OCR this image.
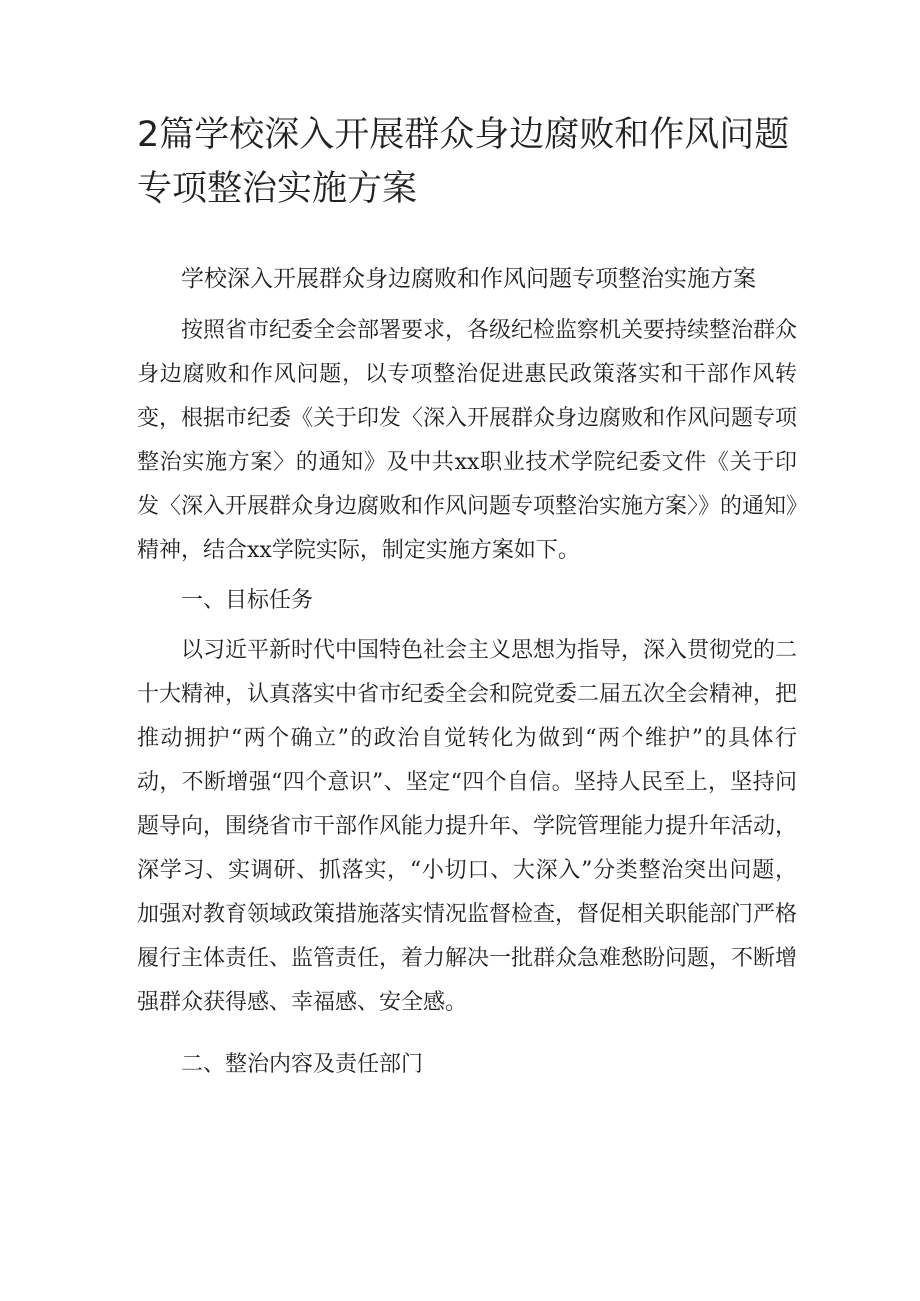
2篇学校深入开展群众身边腐败和作风问题专项整治实施方案

学校深入开展群众身边腐败和作风问题专项整治实施方案

按照省市纪委全会部署要求，各级纪检监察机关要持续整治群众身边腐败和作风问题，以专项整治促进惠民政策落实和干部作风转变，根据市纪委《关于印发〈深入开展群众身边腐败和作风问题专项整治实施方案〉的通知》及中共xx职业技术学院纪委文件《关于印发〈深入开展群众身边腐败和作风问题专项整治实施方案〉》的通知》精神，结合xx学院实际，制定实施方案如下。

一、目标任务

以习近平新时代中国特色社会主义思想为指导，深入贯彻党的二十大精神，认真落实中省市纪委全会和院党委二届五次全会精神，把推动拥护“两个确立”的政治自觉转化为做到“两个维护”的具体行动，不断增强“四个意识”、坚定“四个自信。坚持人民至上，坚持问题导向，围绕省市干部作风能力提升年、学院管理能力提升年活动，深学习、实调研、抓落实，“小切口、大深入”分类整治突出问题，加强对教育领域政策措施落实情况监督检查，督促相关职能部门严格履行主体责任、监管责任，着力解决一批群众急难愁盼问题，不断增强群众获得感、幸福感、安全感。

二、整治内容及责任部门
